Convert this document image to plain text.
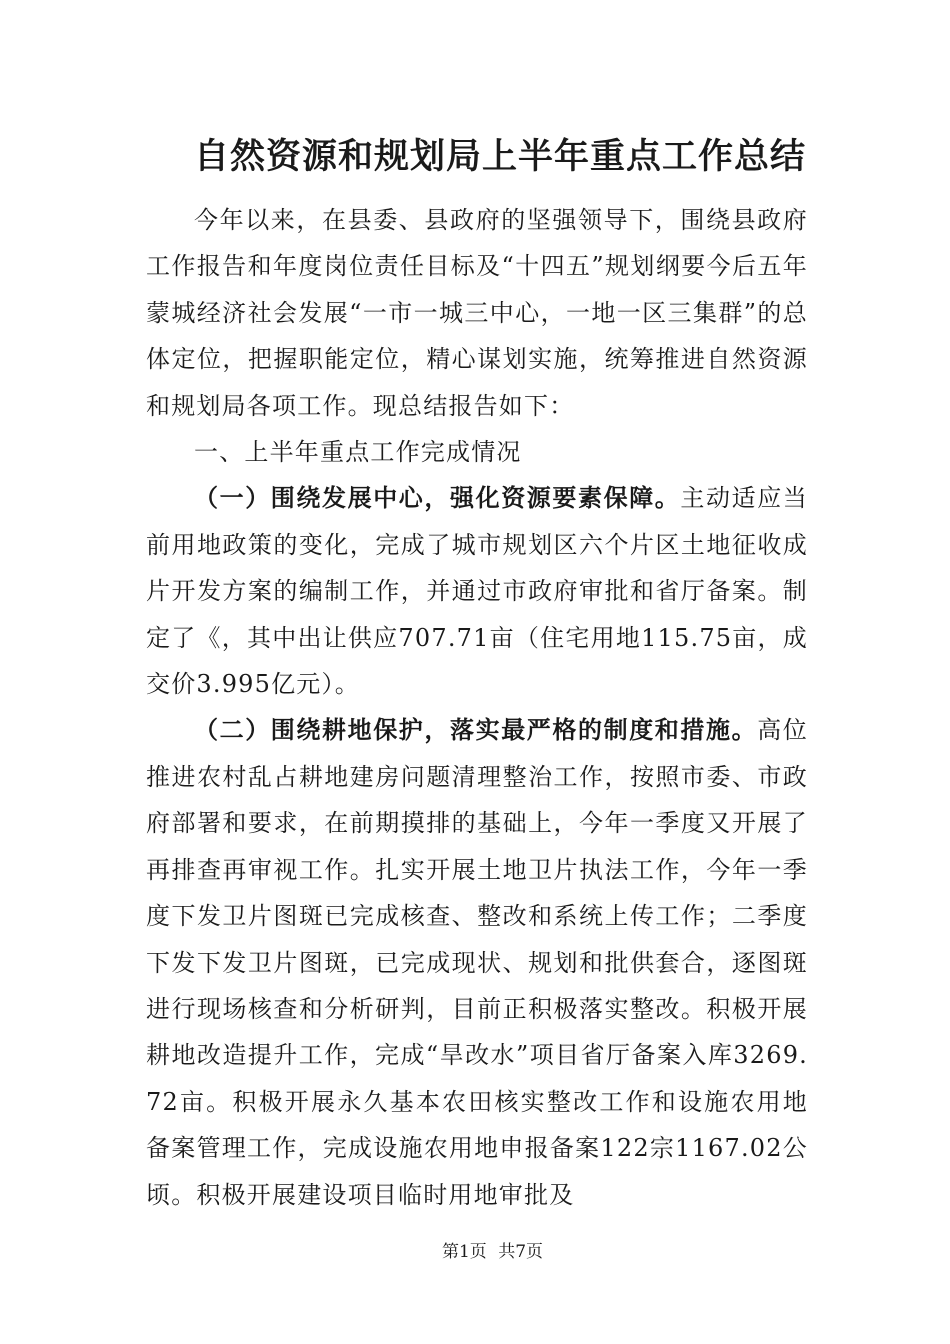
自然资源和规划局上半年重点工作总结

今年以来，在县委、县政府的坚强领导下，围绕县政府工作报告和年度岗位责任目标及“十四五”规划纲要今后五年蒙城经济社会发展“一市一城三中心，一地一区三集群”的总体定位，把握职能定位，精心谋划实施，统筹推进自然资源和规划局各项工作。现总结报告如下：

一、上半年重点工作完成情况

（一）围绕发展中心，强化资源要素保障。主动适应当前用地政策的变化，完成了城市规划区六个片区土地征收成片开发方案的编制工作，并通过市政府审批和省厅备案。制定了《，其中出让供应707.71亩（住宅用地115.75亩，成交价3.995亿元）。

（二）围绕耕地保护，落实最严格的制度和措施。高位推进农村乱占耕地建房问题清理整治工作，按照市委、市政府部署和要求，在前期摸排的基础上，今年一季度又开展了再排查再审视工作。扎实开展土地卫片执法工作，今年一季度下发卫片图斑已完成核查、整改和系统上传工作；二季度下发下发卫片图斑，已完成现状、规划和批供套合，逐图斑进行现场核查和分析研判，目前正积极落实整改。积极开展耕地改造提升工作，完成“旱改水”项目省厅备案入库3269.72亩。积极开展永久基本农田核实整改工作和设施农用地备案管理工作，完成设施农用地申报备案122宗1167.02公顷。积极开展建设项目临时用地审批及

第1页 共7页
